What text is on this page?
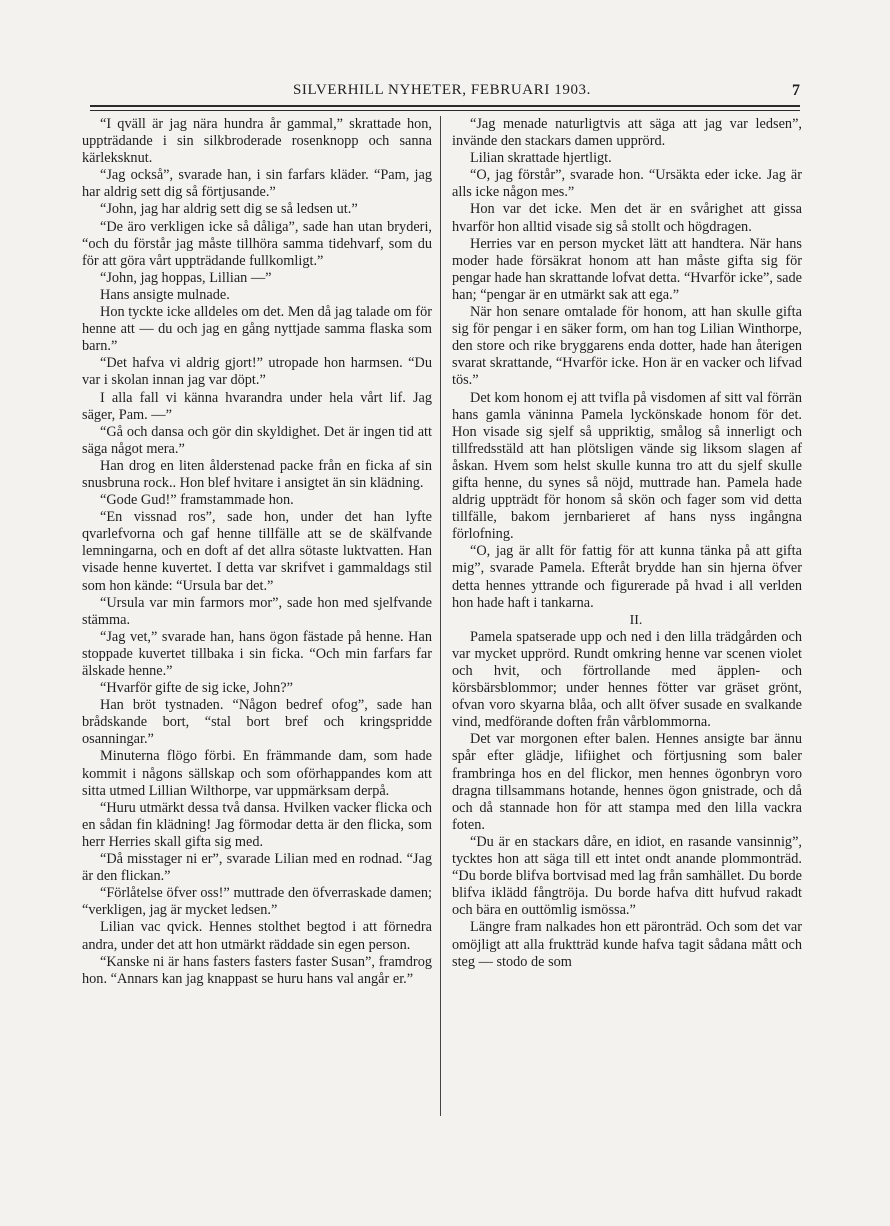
SILVERHILL NYHETER, FEBRUARI 1903.	7

“I qväll är jag nära hundra år gammal,” skrattade hon, uppträdande i sin silkbroderade rosenknopp och sanna kärleksknut.

“Jag också”, svarade han, i sin farfars kläder. “Pam, jag har aldrig sett dig så förtjusande.”

“John, jag har aldrig sett dig se så ledsen ut.”

“De äro verkligen icke så dåliga”, sade han utan bryderi, “och du förstår jag måste tillhöra samma tidehvarf, som du för att göra vårt uppträdande fullkomligt.”

“John, jag hoppas, Lillian —”

Hans ansigte mulnade.

Hon tyckte icke alldeles om det. Men då jag talade om för henne att — du och jag en gång nyttjade samma flaska som barn.”

“Det hafva vi aldrig gjort!” utropade hon harmsen. “Du var i skolan innan jag var döpt.”

I alla fall vi känna hvarandra under hela vårt lif. Jag säger, Pam. —”

“Gå och dansa och gör din skyldighet. Det är ingen tid att säga något mera.”

Han drog en liten ålderstenad packe från en ficka af sin snusbruna rock.. Hon blef hvitare i ansigtet än sin klädning.

“Gode Gud!” framstammade hon.

“En vissnad ros”, sade hon, under det han lyfte qvarlefvorna och gaf henne tillfälle att se de skälfvande lemningarna, och en doft af det allra sötaste luktvatten. Han visade henne kuvertet. I detta var skrifvet i gammaldags stil som hon kände: “Ursula bar det.”

“Ursula var min farmors mor”, sade hon med sjelfvande stämma.

“Jag vet,” svarade han, hans ögon fästade på henne. Han stoppade kuvertet tillbaka i sin ficka. “Och min farfars far älskade henne.”

“Hvarför gifte de sig icke, John?”

Han bröt tystnaden. “Någon bedref ofog”, sade han brådskande bort, “stal bort bref och kringspridde osanningar.”

Minuterna flögo förbi. En främmande dam, som hade kommit i någons sällskap och som oförhappandes kom att sitta utmed Lillian Wilthorpe, var uppmärksam derpå.

“Huru utmärkt dessa två dansa. Hvilken vacker flicka och en sådan fin klädning! Jag förmodar detta är den flicka, som herr Herries skall gifta sig med.

“Då misstager ni er”, svarade Lilian med en rodnad. “Jag är den flickan.”

“Förlåtelse öfver oss!” muttrade den öfverraskade damen; “verkligen, jag är mycket ledsen.”

Lilian vac qvick. Hennes stolthet begtod i att förnedra andra, under det att hon utmärkt räddade sin egen person.

“Kanske ni är hans fasters fasters faster Susan”, framdrog hon. “Annars kan jag knappast se huru hans val angår er.”

“Jag menade naturligtvis att säga att jag var ledsen”, invände den stackars damen upprörd.

Lilian skrattade hjertligt.

“O, jag förstår”, svarade hon. “Ursäkta eder icke. Jag är alls icke någon mes.”

Hon var det icke. Men det är en svårighet att gissa hvarför hon alltid visade sig så stollt och högdragen.

Herries var en person mycket lätt att handtera. När hans moder hade försäkrat honom att han måste gifta sig för pengar hade han skrattande lofvat detta. “Hvarför icke”, sade han; “pengar är en utmärkt sak att ega.”

När hon senare omtalade för honom, att han skulle gifta sig för pengar i en säker form, om han tog Lilian Winthorpe, den store och rike bryggarens enda dotter, hade han återigen svarat skrattande, “Hvarför icke. Hon är en vacker och lifvad tös.”

Det kom honom ej att tvifla på visdomen af sitt val förrän hans gamla väninna Pamela lyckönskade honom för det. Hon visade sig sjelf så uppriktig, smålog så innerligt och tillfredsstäld att han plötsligen vände sig liksom slagen af åskan. Hvem som helst skulle kunna tro att du sjelf skulle gifta henne, du synes så nöjd, muttrade han. Pamela hade aldrig uppträdt för honom så skön och fager som vid detta tillfälle, bakom jernbarieret af hans nyss ingångna förlofning.

“O, jag är allt för fattig för att kunna tänka på att gifta mig”, svarade Pamela. Efteråt brydde han sin hjerna öfver detta hennes yttrande och figurerade på hvad i all verlden hon hade haft i tankarna.

II.

Pamela spatserade upp och ned i den lilla trädgården och var mycket upprörd. Rundt omkring henne var scenen violet och hvit, och förtrollande med äpplen- och körsbärsblommor; under hennes fötter var gräset grönt, ofvan voro skyarna blåa, och allt öfver susade en svalkande vind, medförande doften från vårblommorna.

Det var morgonen efter balen. Hennes ansigte bar ännu spår efter glädje, lifiighet och förtjusning som baler frambringa hos en del flickor, men hennes ögonbryn voro dragna tillsammans hotande, hennes ögon gnistrade, och då och då stannade hon för att stampa med den lilla vackra foten.

“Du är en stackars dåre, en idiot, en rasande vansinnig”, tycktes hon att säga till ett intet ondt anande plommonträd. “Du borde blifva bortvisad med lag från samhället. Du borde blifva iklädd fångtröja. Du borde hafva ditt hufvud rakadt och bära en outtömlig ismössa.”

Längre fram nalkades hon ett päronträd. Och som det var omöjligt att alla fruktträd kunde hafva tagit sådana mått och steg — stodo de som
